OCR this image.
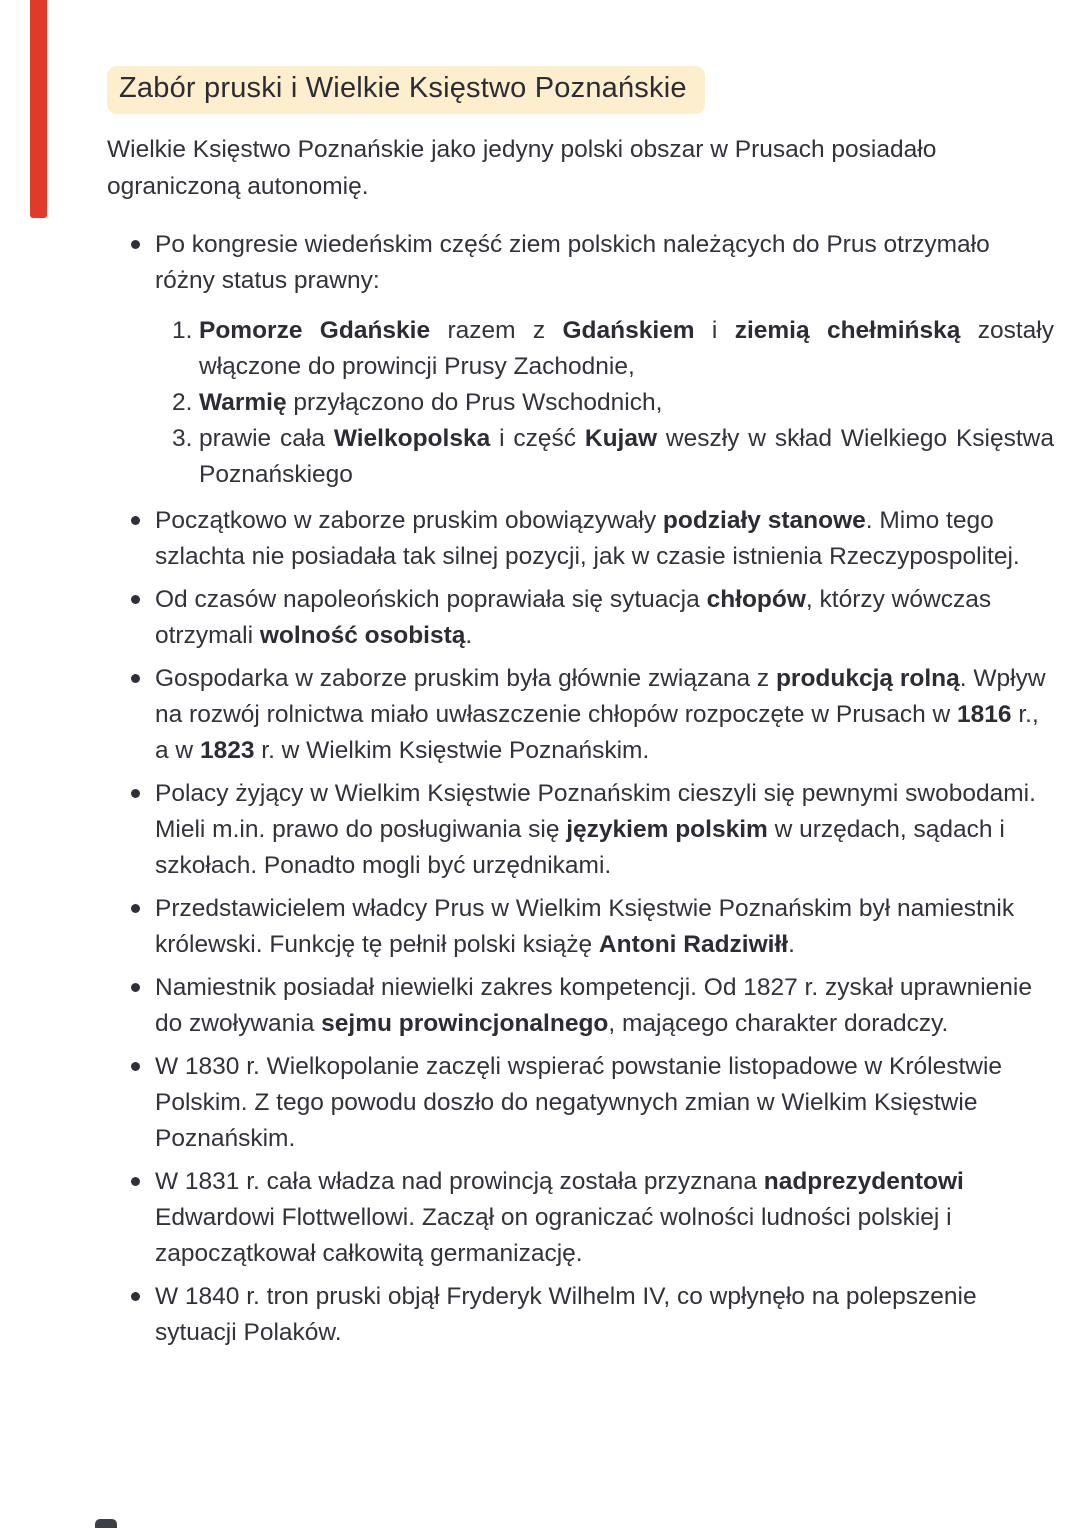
Zabór pruski i Wielkie Księstwo Poznańskie

Wielkie Księstwo Poznańskie jako jedyny polski obszar w Prusach posiadało ograniczoną autonomię.

Po kongresie wiedeńskim część ziem polskich należących do Prus otrzymało różny status prawny:
1. Pomorze Gdańskie razem z Gdańskiem i ziemią chełmińską zostały włączone do prowincji Prusy Zachodnie,
2. Warmię przyłączono do Prus Wschodnich,
3. prawie cała Wielkopolska i część Kujaw weszły w skład Wielkiego Księstwa Poznańskiego
Początkowo w zaborze pruskim obowiązywały podziały stanowe. Mimo tego szlachta nie posiadała tak silnej pozycji, jak w czasie istnienia Rzeczypospolitej.
Od czasów napoleońskich poprawiała się sytuacja chłopów, którzy wówczas otrzymali wolność osobistą.
Gospodarka w zaborze pruskim była głównie związana z produkcją rolną. Wpływ na rozwój rolnictwa miało uwłaszczenie chłopów rozpoczęte w Prusach w 1816 r., a w 1823 r. w Wielkim Księstwie Poznańskim.
Polacy żyjący w Wielkim Księstwie Poznańskim cieszyli się pewnymi swobodami. Mieli m.in. prawo do posługiwania się językiem polskim w urzędach, sądach i szkołach. Ponadto mogli być urzędnikami.
Przedstawicielem władcy Prus w Wielkim Księstwie Poznańskim był namiestnik królewski. Funkcję tę pełnił polski książę Antoni Radziwiłł.
Namiestnik posiadał niewielki zakres kompetencji. Od 1827 r. zyskał uprawnienie do zwoływania sejmu prowincjonalnego, mającego charakter doradczy.
W 1830 r. Wielkopolanie zaczęli wspierać powstanie listopadowe w Królestwie Polskim. Z tego powodu doszło do negatywnych zmian w Wielkim Księstwie Poznańskim.
W 1831 r. cała władza nad prowincją została przyznana nadprezydentowi Edwardowi Flottwellowi. Zaczął on ograniczać wolności ludności polskiej i zapoczątkował całkowitą germanizację.
W 1840 r. tron pruski objął Fryderyk Wilhelm IV, co wpłynęło na polepszenie sytuacji Polaków.
